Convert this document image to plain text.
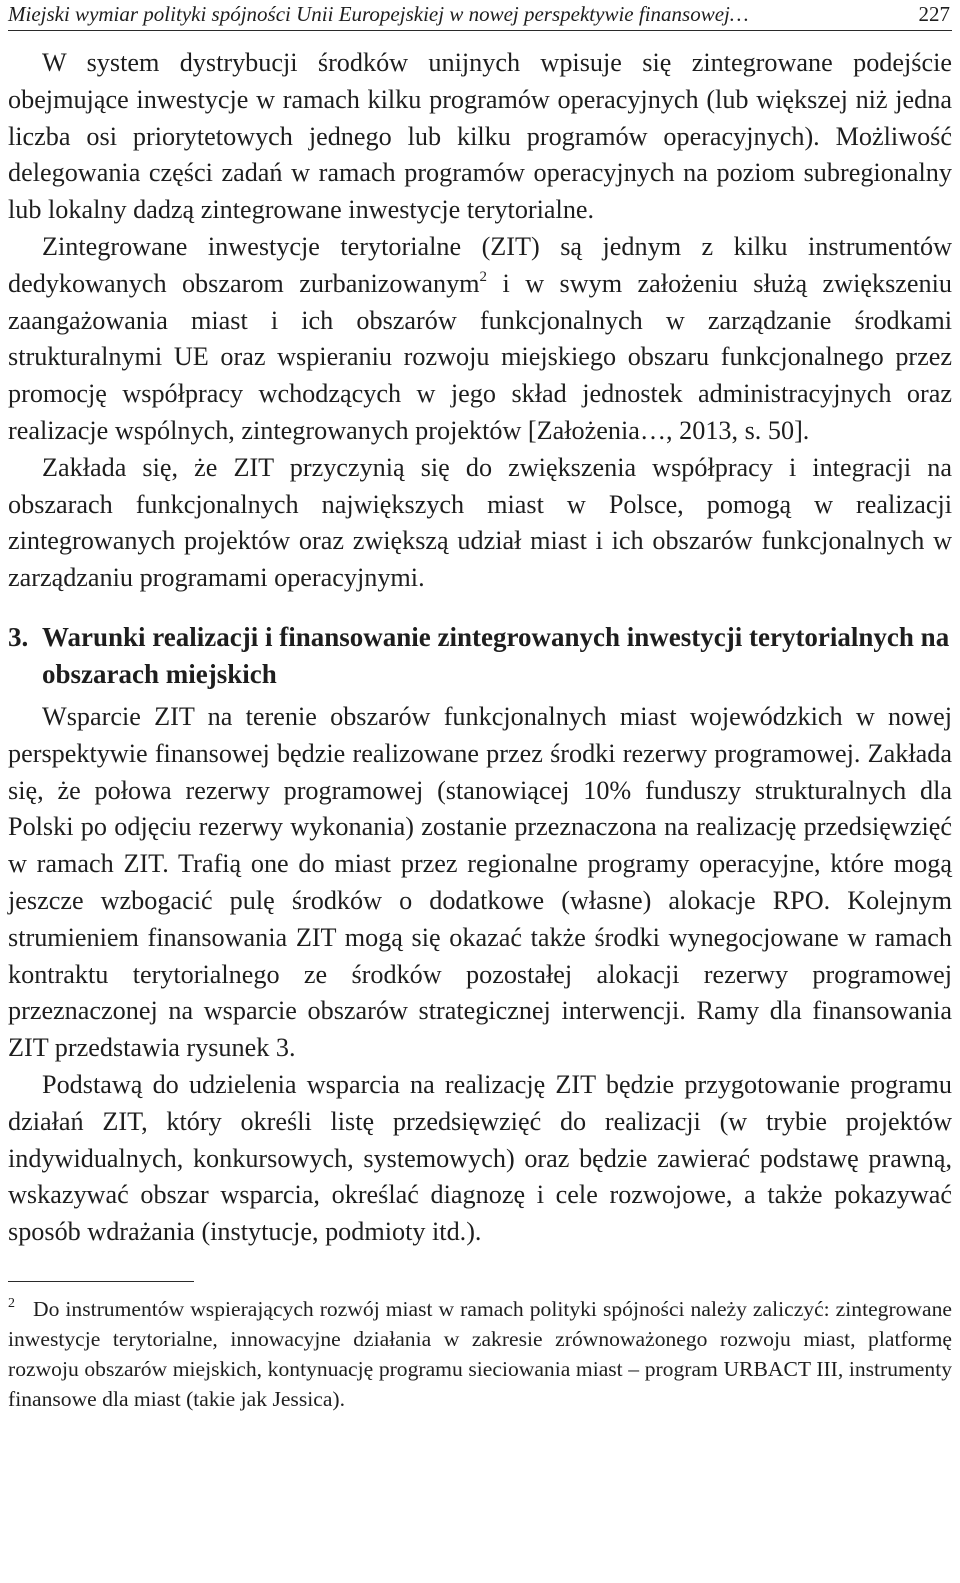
Miejski wymiar polityki spójności Unii Europejskiej w nowej perspektywie finansowej…	227

W system dystrybucji środków unijnych wpisuje się zintegrowane podejście obejmujące inwestycje w ramach kilku programów operacyjnych (lub większej niż jedna liczba osi priorytetowych jednego lub kilku programów operacyjnych). Możliwość delegowania części zadań w ramach programów operacyjnych na poziom subregionalny lub lokalny dadzą zintegrowane inwestycje terytorialne.

Zintegrowane inwestycje terytorialne (ZIT) są jednym z kilku instrumentów dedykowanych obszarom zurbanizowanym$^2$ i w swym założeniu służą zwiększeniu zaangażowania miast i ich obszarów funkcjonalnych w zarządzanie środkami strukturalnymi UE oraz wspieraniu rozwoju miejskiego obszaru funkcjonalnego przez promocję współpracy wchodzących w jego skład jednostek administracyjnych oraz realizacje wspólnych, zintegrowanych projektów [Założenia…, 2013, s. 50].

Zakłada się, że ZIT przyczynią się do zwiększenia współpracy i integracji na obszarach funkcjonalnych największych miast w Polsce, pomogą w realizacji zintegrowanych projektów oraz zwiększą udział miast i ich obszarów funkcjonalnych w zarządzaniu programami operacyjnymi.

3. Warunki realizacji i finansowanie zintegrowanych inwestycji terytorialnych na obszarach miejskich

Wsparcie ZIT na terenie obszarów funkcjonalnych miast wojewódzkich w nowej perspektywie finansowej będzie realizowane przez środki rezerwy programowej. Zakłada się, że połowa rezerwy programowej (stanowiącej 10% funduszy strukturalnych dla Polski po odjęciu rezerwy wykonania) zostanie przeznaczona na realizację przedsięwzięć w ramach ZIT. Trafią one do miast przez regionalne programy operacyjne, które mogą jeszcze wzbogacić pulę środków o dodatkowe (własne) alokacje RPO. Kolejnym strumieniem finansowania ZIT mogą się okazać także środki wynegocjowane w ramach kontraktu terytorialnego ze środków pozostałej alokacji rezerwy programowej przeznaczonej na wsparcie obszarów strategicznej interwencji. Ramy dla finansowania ZIT przedstawia rysunek 3.

Podstawą do udzielenia wsparcia na realizację ZIT będzie przygotowanie programu działań ZIT, który określi listę przedsięwzięć do realizacji (w trybie projektów indywidualnych, konkursowych, systemowych) oraz będzie zawierać podstawę prawną, wskazywać obszar wsparcia, określać diagnozę i cele rozwojowe, a także pokazywać sposób wdrażania (instytucje, podmioty itd.).

$^2$ Do instrumentów wspierających rozwój miast w ramach polityki spójności należy zaliczyć: zintegrowane inwestycje terytorialne, innowacyjne działania w zakresie zrównoważonego rozwoju miast, platformę rozwoju obszarów miejskich, kontynuację programu sieciowania miast – program URBACT III, instrumenty finansowe dla miast (takie jak Jessica).
